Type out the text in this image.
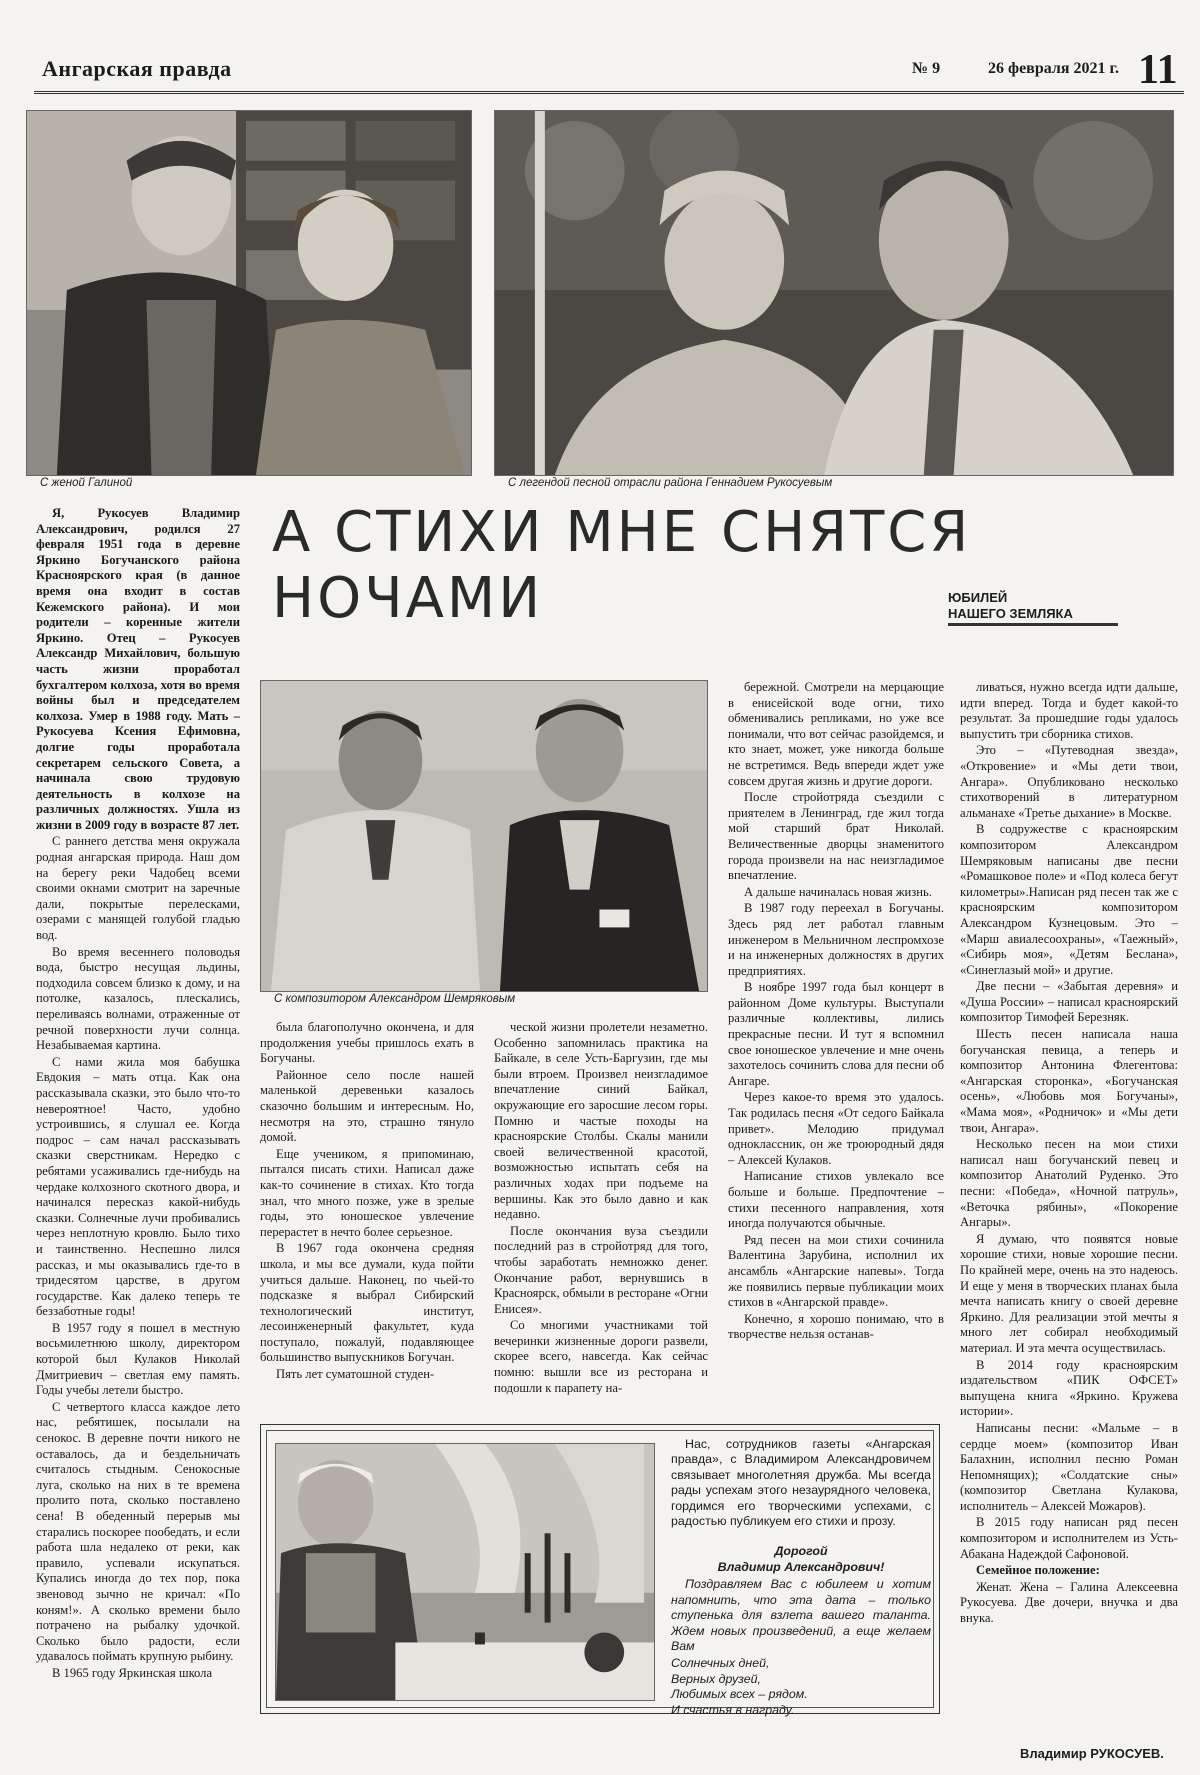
Ангарская правда	№ 9	26 февраля 2021 г. 11
С женой Галиной	С легендой песной отрасли района Геннадием Рукосуевым
А СТИХИ МНЕ СНЯТСЯ НОЧАМИ	ЮБИЛЕЙ
НАШЕГО ЗЕМЛЯКА
С композитором Александром Шемряковым

Я, Рукосуев Владимир Александрович, родился 27 февраля 1951 года в деревне Яркино Богучанского района Красноярского края (в данное время она входит в состав Кежемского района). И мои родители – коренные жители Яркино. Отец – Рукосуев Александр Михайлович, большую часть жизни проработал бухгалтером колхоза, хотя во время войны был и председателем колхоза. Умер в 1988 году. Мать – Рукосуева Ксения Ефимовна, долгие годы проработала секретарем сельского Совета, а начинала свою трудовую деятельность в колхозе на различных должностях. Ушла из жизни в 2009 году в возрасте 87 лет.

С раннего детства меня окружала родная ангарская природа. Наш дом на берегу реки Чадобец всеми своими окнами смотрит на заречные дали, покрытые перелесками, озерами с манящей голубой гладью вод.

Во время весеннего половодья вода, быстро несущая льдины, подходила совсем близко к дому, и на потолке, казалось, плескались, переливаясь волнами, отраженные от речной поверхности лучи солнца. Незабываемая картина.

С нами жила моя бабушка Евдокия – мать отца. Как она рассказывала сказки, это было что-то невероятное! Часто, удобно устроившись, я слушал ее. Когда подрос – сам начал рассказывать сказки сверстникам. Нередко с ребятами усаживались где-нибудь на чердаке колхозного скотного двора, и начинался пересказ какой-нибудь сказки. Солнечные лучи пробивались через неплотную кровлю. Было тихо и таинственно. Неспешно лился рассказ, и мы оказывались где-то в тридесятом царстве, в другом государстве. Как далеко теперь те беззаботные годы!

В 1957 году я пошел в местную восьмилетнюю школу, директором которой был Кулаков Николай Дмитриевич – светлая ему память. Годы учебы летели быстро.

С четвертого класса каждое лето нас, ребятишек, посылали на сенокос. В деревне почти никого не оставалось, да и бездельничать считалось стыдным. Сенокосные луга, сколько на них в те времена пролито пота, сколько поставлено сена! В обеденный перерыв мы старались поскорее пообедать, и если работа шла недалеко от реки, как правило, успевали искупаться. Купались иногда до тех пор, пока звеновод зычно не кричал: «По коням!». А сколько времени было потрачено на рыбалку удочкой. Сколько было радости, если удавалось поймать крупную рыбину.

В 1965 году Яркинская школа

была благополучно окончена, и для продолжения учебы пришлось ехать в Богучаны.

Районное село после нашей маленькой деревеньки казалось сказочно большим и интересным. Но, несмотря на это, страшно тянуло домой.

Еще учеником, я припоминаю, пытался писать стихи. Написал даже как-то сочинение в стихах. Кто тогда знал, что много позже, уже в зрелые годы, это юношеское увлечение перерастет в нечто более серьезное.

В 1967 года окончена средняя школа, и мы все думали, куда пойти учиться дальше. Наконец, по чьей-то подсказке я выбрал Сибирский технологический институт, лесоинженерный факультет, куда поступало, пожалуй, подавляющее большинство выпускников Богучан.

Пять лет суматошной студен-

ческой жизни пролетели незаметно. Особенно запомнилась практика на Байкале, в селе Усть-Баргузин, где мы были втроем. Произвел неизгладимое впечатление синий Байкал, окружающие его заросшие лесом горы. Помню и частые походы на красноярские Столбы. Скалы манили своей величественной красотой, возможностью испытать себя на различных ходах при подъеме на вершины. Как это было давно и как недавно.

После окончания вуза съездили последний раз в стройотряд для того, чтобы заработать немножко денег. Окончание работ, вернувшись в Красноярск, обмыли в ресторане «Огни Енисея».

Со многими участниками той вечеринки жизненные дороги развели, скорее всего, навсегда. Как сейчас помню: вышли все из ресторана и подошли к парапету на-

бережной. Смотрели на мерцающие в енисейской воде огни, тихо обменивались репликами, но уже все понимали, что вот сейчас разойдемся, и кто знает, может, уже никогда больше не встретимся. Ведь впереди ждет уже совсем другая жизнь и другие дороги.

После стройотряда съездили с приятелем в Ленинград, где жил тогда мой старший брат Николай. Величественные дворцы знаменитого города произвели на нас неизгладимое впечатление.

А дальше начиналась новая жизнь.

В 1987 году переехал в Богучаны. Здесь ряд лет работал главным инженером в Мельничном леспромхозе и на инженерных должностях в других предприятиях.

В ноябре 1997 года был концерт в районном Доме культуры. Выступали различные коллективы, лились прекрасные песни. И тут я вспомнил свое юношеское увлечение и мне очень захотелось сочинить слова для песни об Ангаре.

Через какое-то время это удалось. Так родилась песня «От седого Байкала привет». Мелодию придумал одноклассник, он же троюродный дядя – Алексей Кулаков.

Написание стихов увлекало все больше и больше. Предпочтение – стихи песенного направления, хотя иногда получаются обычные.

Ряд песен на мои стихи сочинила Валентина Зарубина, исполнил их ансамбль «Ангарские напевы». Тогда же появились первые публикации моих стихов в «Ангарской правде».

Конечно, я хорошо понимаю, что в творчестве нельзя останав-

ливаться, нужно всегда идти дальше, идти вперед. Тогда и будет какой-то результат. За прошедшие годы удалось выпустить три сборника стихов.

Это – «Путеводная звезда», «Откровение» и «Мы дети твои, Ангара». Опубликовано несколько стихотворений в литературном альманахе «Третье дыхание» в Москве.

В содружестве с красноярским композитором Александром Шемряковым написаны две песни «Ромашковое поле» и «Под колеса бегут километры».Написан ряд песен так же с красноярским композитором Александром Кузнецовым. Это – «Марш авиалесоохраны», «Таежный», «Сибирь моя», «Детям Беслана», «Синеглазый мой» и другие.

Две песни – «Забытая деревня» и «Душа России» – написал красноярский композитор Тимофей Березняк.

Шесть песен написала наша богучанская певица, а теперь и композитор Антонина Флегентова: «Ангарская сторонка», «Богучанская осень», «Любовь моя Богучаны», «Мама моя», «Родничок» и «Мы дети твои, Ангара».

Несколько песен на мои стихи написал наш богучанский певец и композитор Анатолий Руденко. Это песни: «Победа», «Ночной патруль», «Веточка рябины», «Покорение Ангары».

Я думаю, что появятся новые хорошие стихи, новые хорошие песни. По крайней мере, очень на это надеюсь. И еще у меня в творческих планах была мечта написать книгу о своей деревне Яркино. Для реализации этой мечты я много лет собирал необходимый материал. И эта мечта осуществилась.

В 2014 году красноярским издательством «ПИК ОФСЕТ» выпущена книга «Яркино. Кружева истории».

Написаны песни: «Мальме – в сердце моем» (композитор Иван Балахнин, исполнил песню Роман Непомнящих); «Солдатские сны» (композитор Светлана Кулакова, исполнитель – Алексей Можаров).

В 2015 году написан ряд песен композитором и исполнителем из Усть-Абакана Надеждой Сафоновой.

Семейное положение:

Женат. Жена – Галина Алексеевна Рукосуева. Две дочери, внучка и два внука.

Владимир РУКОСУЕВ.

Нас, сотрудников газеты «Ангарская правда», с Владимиром Александровичем связывает многолетняя дружба. Мы всегда рады успехам этого незаурядного человека, гордимся его творческими успехами, с радостью публикуем его стихи и прозу.

Дорогой
Владимир Александрович!

Поздравляем Вас с юбилеем и хотим напомнить, что эта дата – только ступенька для взлета вашего таланта. Ждем новых произведений, а еще желаем Вам

Солнечных дней,
Верных друзей,
Любимых всех – рядом.
И счастья в награду.
